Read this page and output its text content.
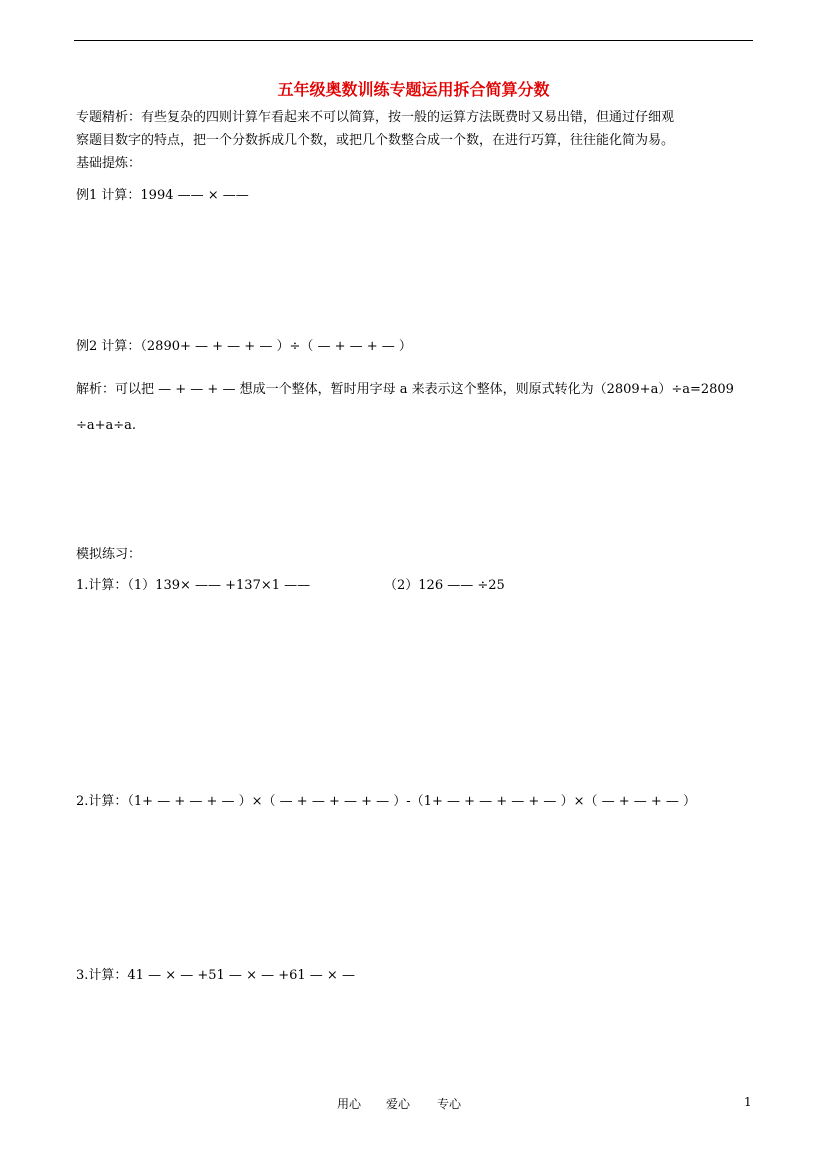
五年级奥数训练专题运用拆合简算分数
专题精析：有些复杂的四则计算乍看起来不可以简算，按一般的运算方法既费时又易出错，但通过仔细观
察题目数字的特点，把一个分数拆成几个数，或把几个数整合成一个数，在进行巧算，往往能化简为易。
基础提炼：
例1 计算：1994 —— × ——
例2 计算：（2890+ — + — + — ）÷（ — + — + — ）
解析：可以把 — + — + — 想成一个整体，暂时用字母 a 来表示这个整体，则原式转化为（2809+a）÷a=2809
÷a+a÷a.
模拟练习：
1.计算：（1）139× —— +137×1 ——	（2）126 —— ÷25
2.计算：（1+ — + — + — ）×（ — + — + — + — ）-（1+ — + — + — + — ）×（ — + — + — ）
3.计算：41 — × — +51 — × — +61 — × —
用心 爱心 专心	1
